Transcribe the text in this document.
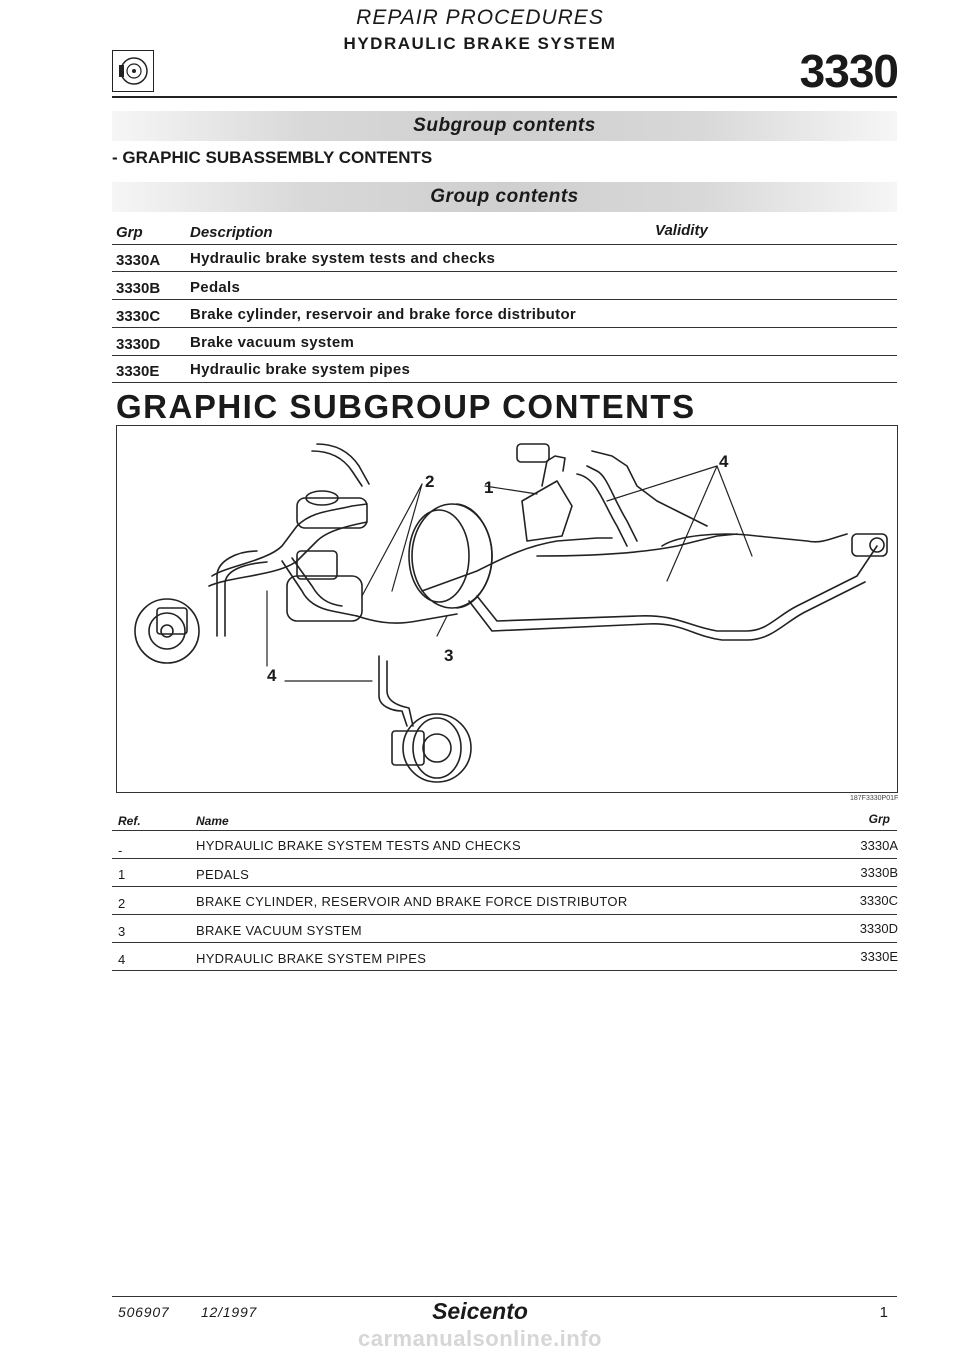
REPAIR PROCEDURES
HYDRAULIC BRAKE SYSTEM
3330
Subgroup contents
- GRAPHIC SUBASSEMBLY CONTENTS
Group contents
Grp	Description	Validity
3330A Hydraulic brake system tests and checks
3330B Pedals
3330C Brake cylinder, reservoir and brake force distributor
3330D Brake vacuum system
3330E Hydraulic brake system pipes
GRAPHIC SUBGROUP CONTENTS
1
2
3
4
4
187F3330P01F
Ref.	Name	Grp
-	HYDRAULIC BRAKE SYSTEM TESTS AND CHECKS	3330A
1	PEDALS	3330B
2	BRAKE CYLINDER, RESERVOIR AND BRAKE FORCE DISTRIBUTOR	3330C
3	BRAKE VACUUM SYSTEM	3330D
4	HYDRAULIC BRAKE SYSTEM PIPES	3330E
506907 12/1997	Seicento	1
carmanualsonline.info
